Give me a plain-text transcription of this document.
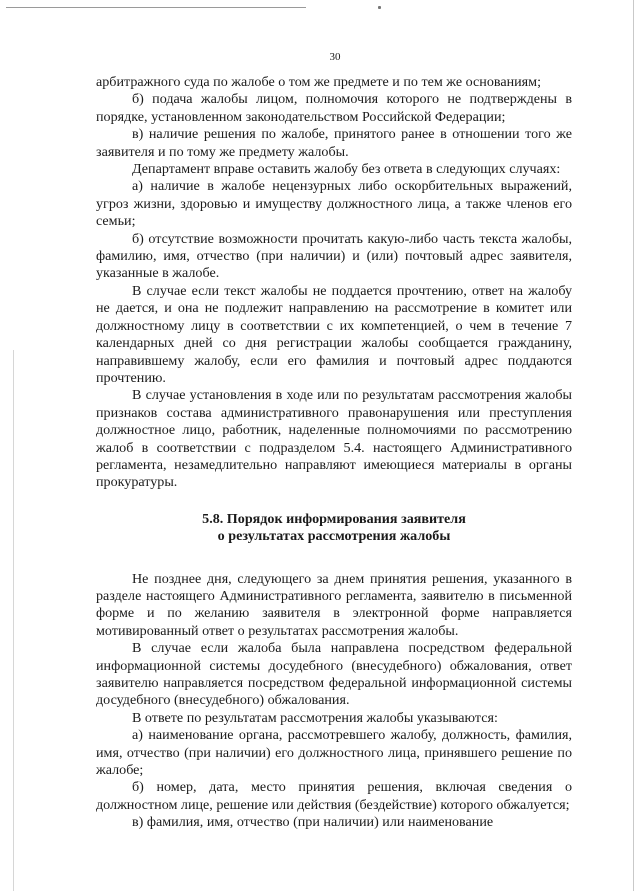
30

арбитражного суда по жалобе о том же предмете и по тем же основаниям;

б) подача жалобы лицом, полномочия которого не подтверждены в порядке, установленном законодательством Российской Федерации;

в) наличие решения по жалобе, принятого ранее в отношении того же заявителя и по тому же предмету жалобы.

Департамент вправе оставить жалобу без ответа в следующих случаях:

а) наличие в жалобе нецензурных либо оскорбительных выражений, угроз жизни, здоровью и имуществу должностного лица, а также членов его семьи;

б) отсутствие возможности прочитать какую-либо часть текста жалобы, фамилию, имя, отчество (при наличии) и (или) почтовый адрес заявителя, указанные в жалобе.

В случае если текст жалобы не поддается прочтению, ответ на жалобу не дается, и она не подлежит направлению на рассмотрение в комитет или должностному лицу в соответствии с их компетенцией, о чем в течение 7 календарных дней со дня регистрации жалобы сообщается гражданину, направившему жалобу, если его фамилия и почтовый адрес поддаются прочтению.

В случае установления в ходе или по результатам рассмотрения жалобы признаков состава административного правонарушения или преступления должностное лицо, работник, наделенные полномочиями по рассмотрению жалоб в соответствии с подразделом 5.4. настоящего Административного регламента, незамедлительно направляют имеющиеся материалы в органы прокуратуры.

5.8. Порядок информирования заявителя
о результатах рассмотрения жалобы

Не позднее дня, следующего за днем принятия решения, указанного в разделе настоящего Административного регламента, заявителю в письменной форме и по желанию заявителя в электронной форме направляется мотивированный ответ о результатах рассмотрения жалобы.

В случае если жалоба была направлена посредством федеральной информационной системы досудебного (внесудебного) обжалования, ответ заявителю направляется посредством федеральной информационной системы досудебного (внесудебного) обжалования.

В ответе по результатам рассмотрения жалобы указываются:

а) наименование органа, рассмотревшего жалобу, должность, фамилия, имя, отчество (при наличии) его должностного лица, принявшего решение по жалобе;

б) номер, дата, место принятия решения, включая сведения о должностном лице, решение или действия (бездействие) которого обжалуется;

в) фамилия, имя, отчество (при наличии) или наименование
